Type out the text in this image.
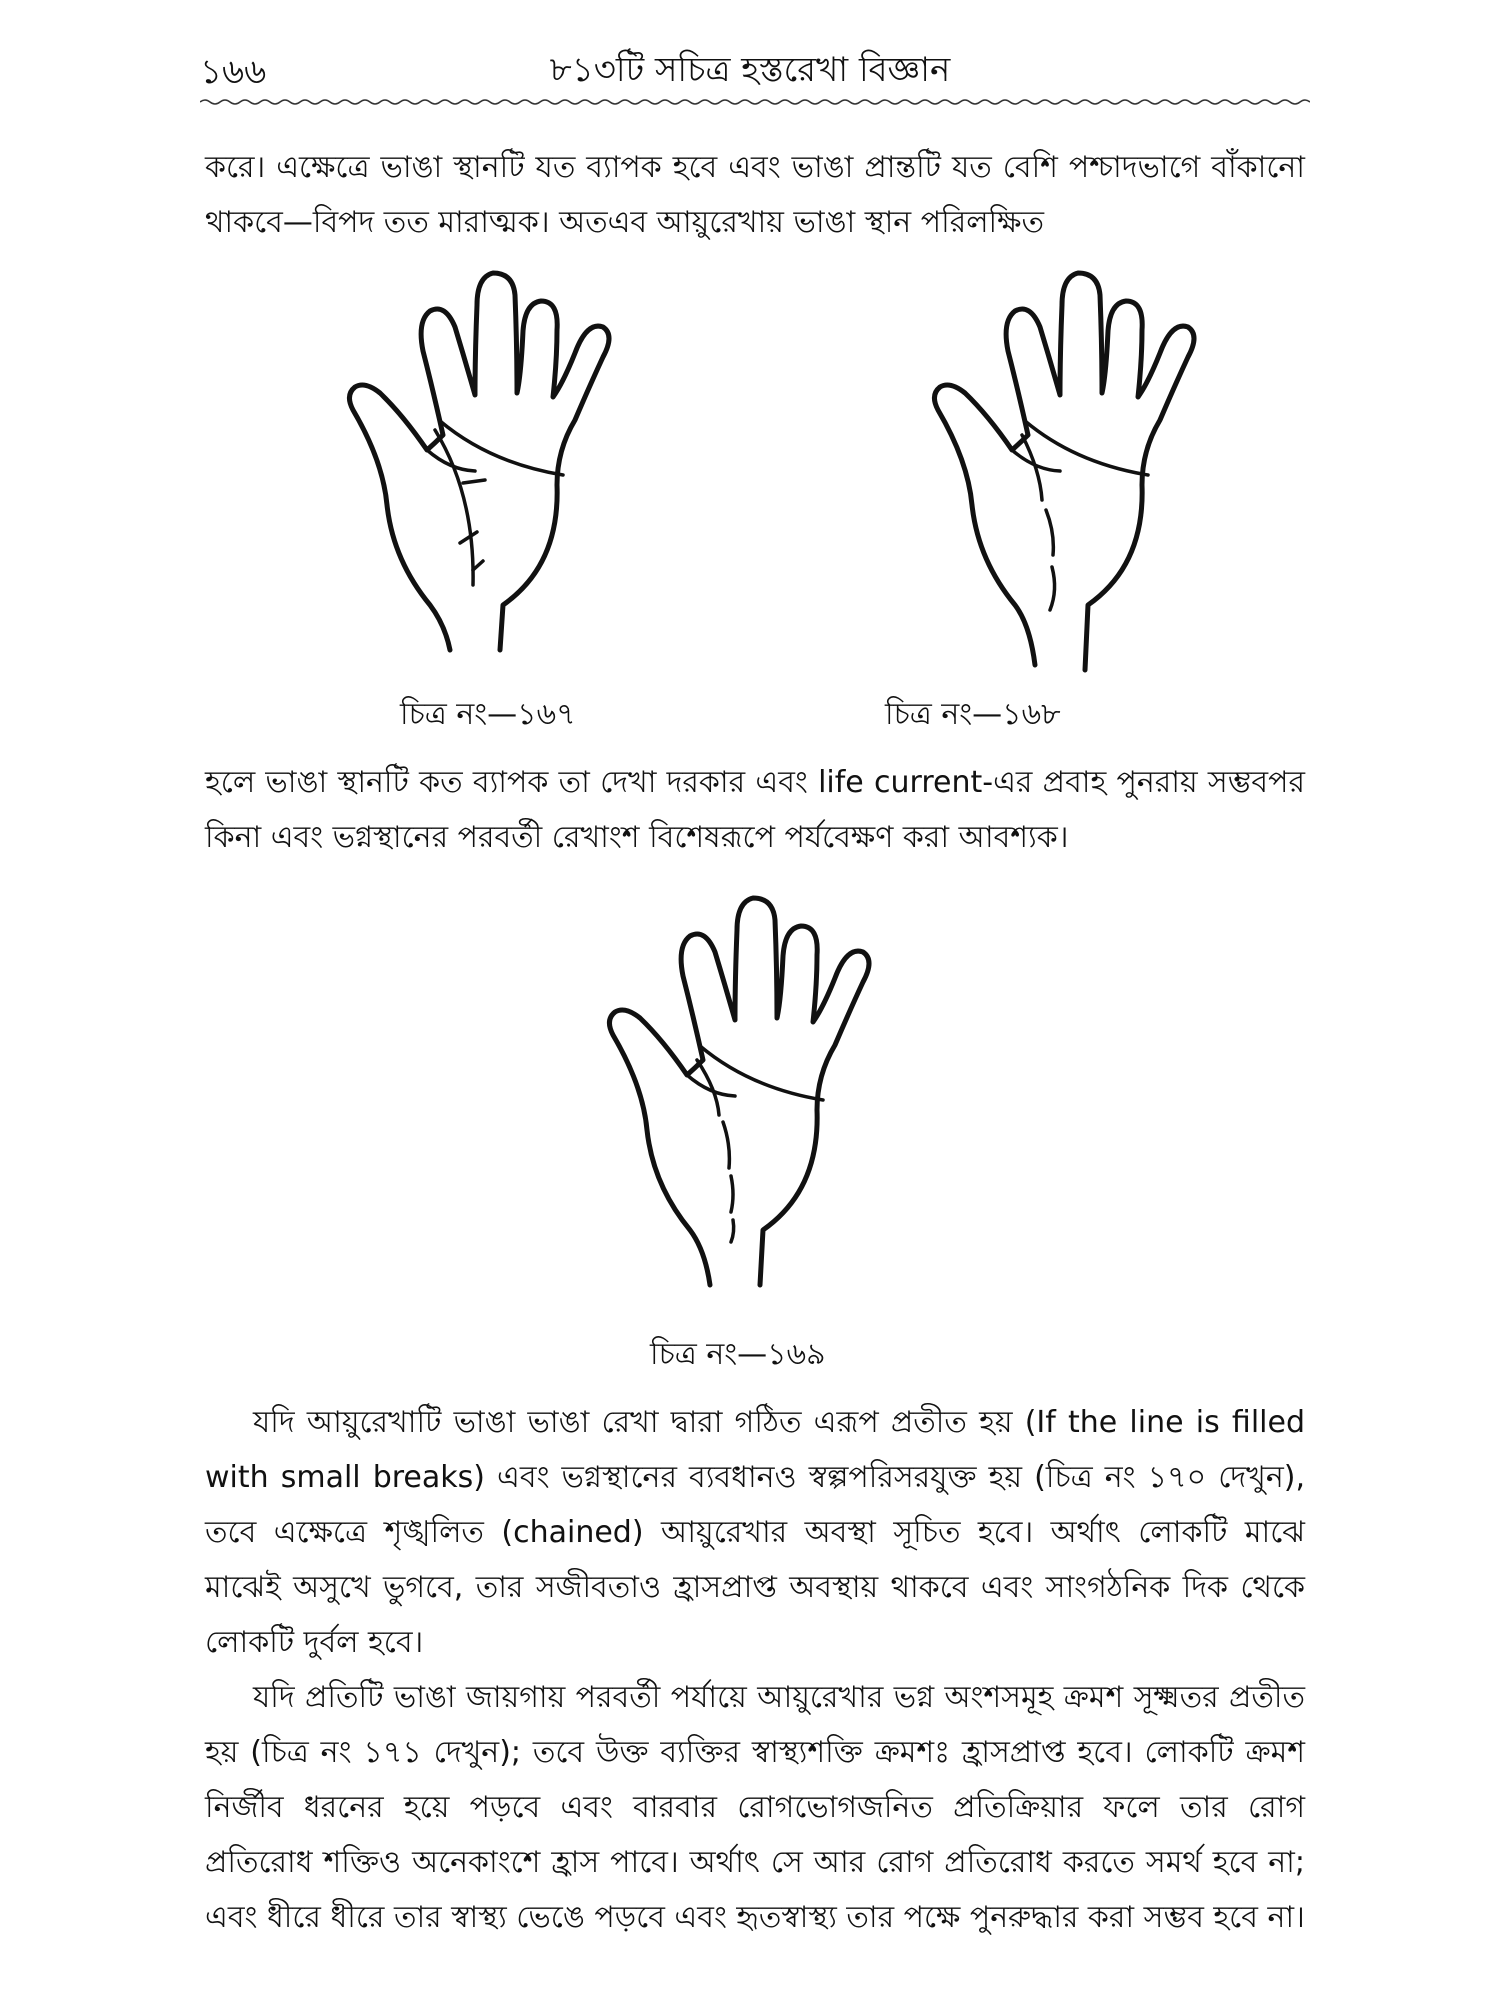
১৬৬	৮১৩টি সচিত্র হস্তরেখা বিজ্ঞান

করে। এক্ষেত্রে ভাঙা স্থানটি যত ব্যাপক হবে এবং ভাঙা প্রান্তটি যত বেশি পশ্চাদভাগে বাঁকানো থাকবে—বিপদ তত মারাত্মক। অতএব আয়ুরেখায় ভাঙা স্থান পরিলক্ষিত

চিত্র নং—১৬৭	চিত্র নং—১৬৮

হলে ভাঙা স্থানটি কত ব্যাপক তা দেখা দরকার এবং life current-এর প্রবাহ পুনরায় সম্ভবপর কিনা এবং ভগ্নস্থানের পরবর্তী রেখাংশ বিশেষরূপে পর্যবেক্ষণ করা আবশ্যক।

চিত্র নং—১৬৯

যদি আয়ুরেখাটি ভাঙা ভাঙা রেখা দ্বারা গঠিত এরূপ প্রতীত হয় (If the line is filled with small breaks) এবং ভগ্নস্থানের ব্যবধানও স্বল্পপরিসরযুক্ত হয় (চিত্র নং ১৭০ দেখুন), তবে এক্ষেত্রে শৃঙ্খলিত (chained) আয়ুরেখার অবস্থা সূচিত হবে। অর্থাৎ লোকটি মাঝে মাঝেই অসুখে ভুগবে, তার সজীবতাও হ্রাসপ্রাপ্ত অবস্থায় থাকবে এবং সাংগঠনিক দিক থেকে লোকটি দুর্বল হবে।

যদি প্রতিটি ভাঙা জায়গায় পরবর্তী পর্যায়ে আয়ুরেখার ভগ্ন অংশসমূহ ক্রমশ সূক্ষ্মতর প্রতীত হয় (চিত্র নং ১৭১ দেখুন); তবে উক্ত ব্যক্তির স্বাস্থ্যশক্তি ক্রমশঃ হ্রাসপ্রাপ্ত হবে। লোকটি ক্রমশ নির্জীব ধরনের হয়ে পড়বে এবং বারবার রোগভোগজনিত প্রতিক্রিয়ার ফলে তার রোগ প্রতিরোধ শক্তিও অনেকাংশে হ্রাস পাবে। অর্থাৎ সে আর রোগ প্রতিরোধ করতে সমর্থ হবে না; এবং ধীরে ধীরে তার স্বাস্থ্য ভেঙে পড়বে এবং হৃতস্বাস্থ্য তার পক্ষে পুনরুদ্ধার করা সম্ভব হবে না।
